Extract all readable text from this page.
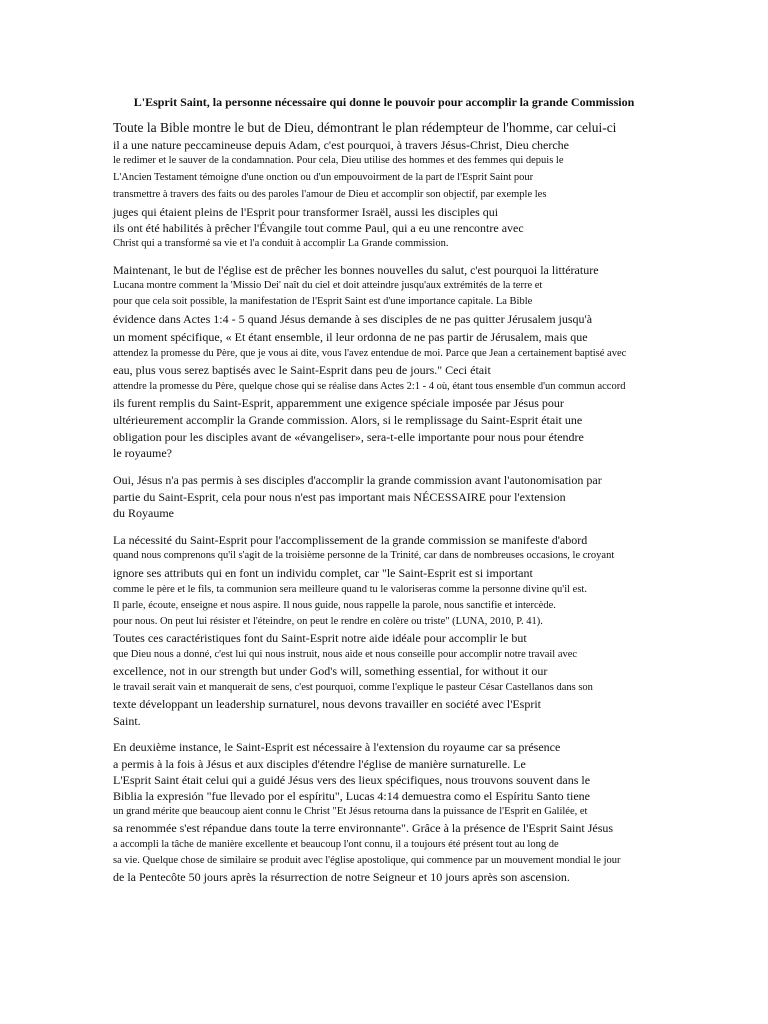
L'Esprit Saint, la personne nécessaire qui donne le pouvoir pour accomplir la grande Commission
Toute la Bible montre le but de Dieu, démontrant le plan rédempteur de l'homme, car celui-ci
il a une nature peccamineuse depuis Adam, c'est pourquoi, à travers Jésus-Christ, Dieu cherche
le redimer et le sauver de la condamnation. Pour cela, Dieu utilise des hommes et des femmes qui depuis le
L'Ancien Testament témoigne d'une onction ou d'un empouvoirment de la part de l'Esprit Saint pour
transmettre à travers des faits ou des paroles l'amour de Dieu et accomplir son objectif, par exemple les
juges qui étaient pleins de l'Esprit pour transformer Israël, aussi les disciples qui
ils ont été habilités à prêcher l'Évangile tout comme Paul, qui a eu une rencontre avec
Christ qui a transformé sa vie et l'a conduit à accomplir La Grande commission.
Maintenant, le but de l'église est de prêcher les bonnes nouvelles du salut, c'est pourquoi la littérature
Lucana montre comment la 'Missio Dei' naît du ciel et doit atteindre jusqu'aux extrémités de la terre et
pour que cela soit possible, la manifestation de l'Esprit Saint est d'une importance capitale. La Bible
évidence dans Actes 1:4 - 5 quand Jésus demande à ses disciples de ne pas quitter Jérusalem jusqu'à
un moment spécifique, « Et étant ensemble, il leur ordonna de ne pas partir de Jérusalem, mais que
attendez la promesse du Père, que je vous ai dite, vous l'avez entendue de moi. Parce que Jean a certainement baptisé avec
eau, plus vous serez baptisés avec le Saint-Esprit dans peu de jours." Ceci était
attendre la promesse du Père, quelque chose qui se réalise dans Actes 2:1 - 4 où, étant tous ensemble d'un commun accord
ils furent remplis du Saint-Esprit, apparemment une exigence spéciale imposée par Jésus pour
ultérieurement accomplir la Grande commission. Alors, si le remplissage du Saint-Esprit était une
obligation pour les disciples avant de «évangeliser», sera-t-elle importante pour nous pour étendre
le royaume?
Oui, Jésus n'a pas permis à ses disciples d'accomplir la grande commission avant l'autonomisation par
partie du Saint-Esprit, cela pour nous n'est pas important mais NÉCESSAIRE pour l'extension
du Royaume
La nécessité du Saint-Esprit pour l'accomplissement de la grande commission se manifeste d'abord
quand nous comprenons qu'il s'agit de la troisième personne de la Trinité, car dans de nombreuses occasions, le croyant
ignore ses attributs qui en font un individu complet, car "le Saint-Esprit est si important
comme le père et le fils, ta communion sera meilleure quand tu le valoriseras comme la personne divine qu'il est.
Il parle, écoute, enseigne et nous aspire. Il nous guide, nous rappelle la parole, nous sanctifie et intercède.
pour nous. On peut lui résister et l'éteindre, on peut le rendre en colère ou triste" (LUNA, 2010, P. 41).
Toutes ces caractéristiques font du Saint-Esprit notre aide idéale pour accomplir le but
que Dieu nous a donné, c'est lui qui nous instruit, nous aide et nous conseille pour accomplir notre travail avec
excellence, not in our strength but under God's will, something essential, for without it our
le travail serait vain et manquerait de sens, c'est pourquoi, comme l'explique le pasteur César Castellanos dans son
texte développant un leadership surnaturel, nous devons travailler en société avec l'Esprit
Saint.
En deuxième instance, le Saint-Esprit est nécessaire à l'extension du royaume car sa présence
a permis à la fois à Jésus et aux disciples d'étendre l'église de manière surnaturelle. Le
L'Esprit Saint était celui qui a guidé Jésus vers des lieux spécifiques, nous trouvons souvent dans le
Biblia la expresión "fue llevado por el espíritu", Lucas 4:14 demuestra como el Espíritu Santo tiene
un grand mérite que beaucoup aient connu le Christ "Et Jésus retourna dans la puissance de l'Esprit en Galilée, et
sa renommée s'est répandue dans toute la terre environnante". Grâce à la présence de l'Esprit Saint Jésus
a accompli la tâche de manière excellente et beaucoup l'ont connu, il a toujours été présent tout au long de
sa vie. Quelque chose de similaire se produit avec l'église apostolique, qui commence par un mouvement mondial le jour
de la Pentecôte 50 jours après la résurrection de notre Seigneur et 10 jours après son ascension.
